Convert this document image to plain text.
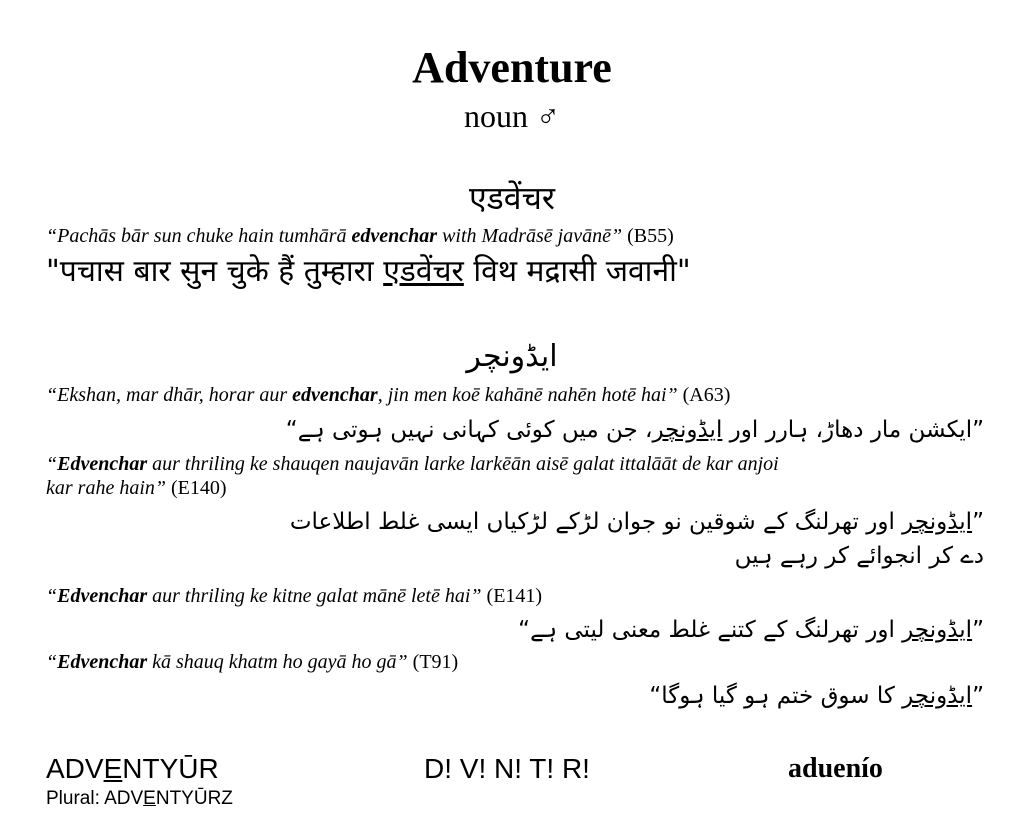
Adventure
noun ♂
एडवेंचर
“Pachās bār sun chuke hain tumhārā edvenchar with Madrāsē javānē” (B55)
"पचास बार सुन चुके हैं तुम्हारा एडवेंचर विथ मद्रासी जवानी"
ایڈونچر
“Ekshan, mar dhār, horar aur edvenchar, jin men koē kahānē nahēn hotē hai” (A63)
”ایکشن مار دھاڑ، ہارر اور ایڈونچر، جن میں کوئی کہانی نہیں ہوتی ہے“
“Edvenchar aur thriling ke shauqen naujavān larke larkēān aisē galat ittalāāt de kar anjoi
kar rahe hain” (E140)
”ایڈونچر اور تھرلنگ کے شوقین نو جوان لڑکے لڑکیاں ایسی غلط اطلاعات
دے کر انجوائے کر رہے ہیں
“Edvenchar aur thriling ke kitne galat mānē letē hai” (E141)
”ایڈونچر اور تھرلنگ کے کتنے غلط معنی لیتی ہے“
“Edvenchar kā shauq khatm ho gayā ho gā” (T91)
”ایڈونچر کا سوق ختم ہو گیا ہوگا“
ADVENTYŪR
Plural: ADVENTYŪRZ
D! V! N! T! R!	aduenío
